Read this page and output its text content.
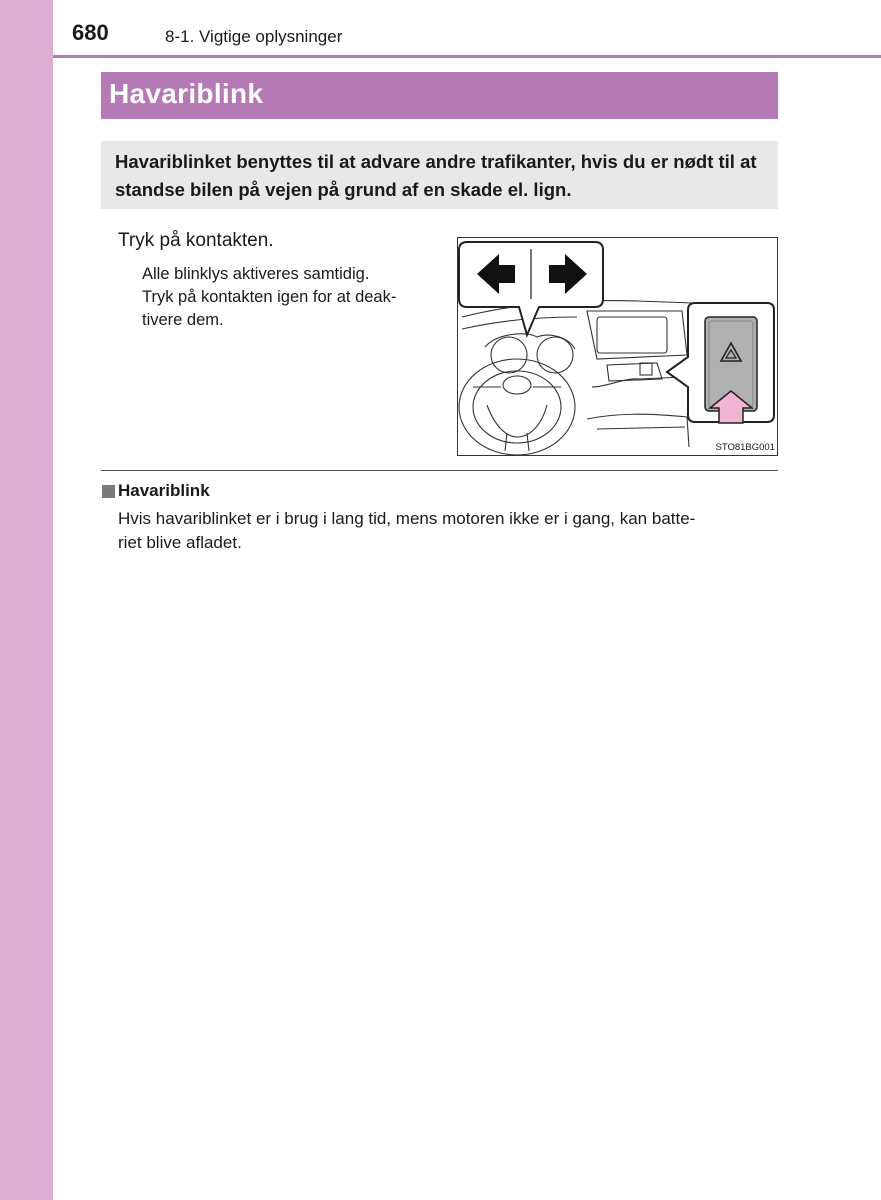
680	8-1. Vigtige oplysninger
Havariblink
Havariblinket benyttes til at advare andre trafikanter, hvis du er nødt til at standse bilen på vejen på grund af en skade el. lign.
Tryk på kontakten.
Alle blinklys aktiveres samtidig.
Tryk på kontakten igen for at deak-
tivere dem.
STO81BG001
Havariblink
Hvis havariblinket er i brug i lang tid, mens motoren ikke er i gang, kan batte-
riet blive afladet.
